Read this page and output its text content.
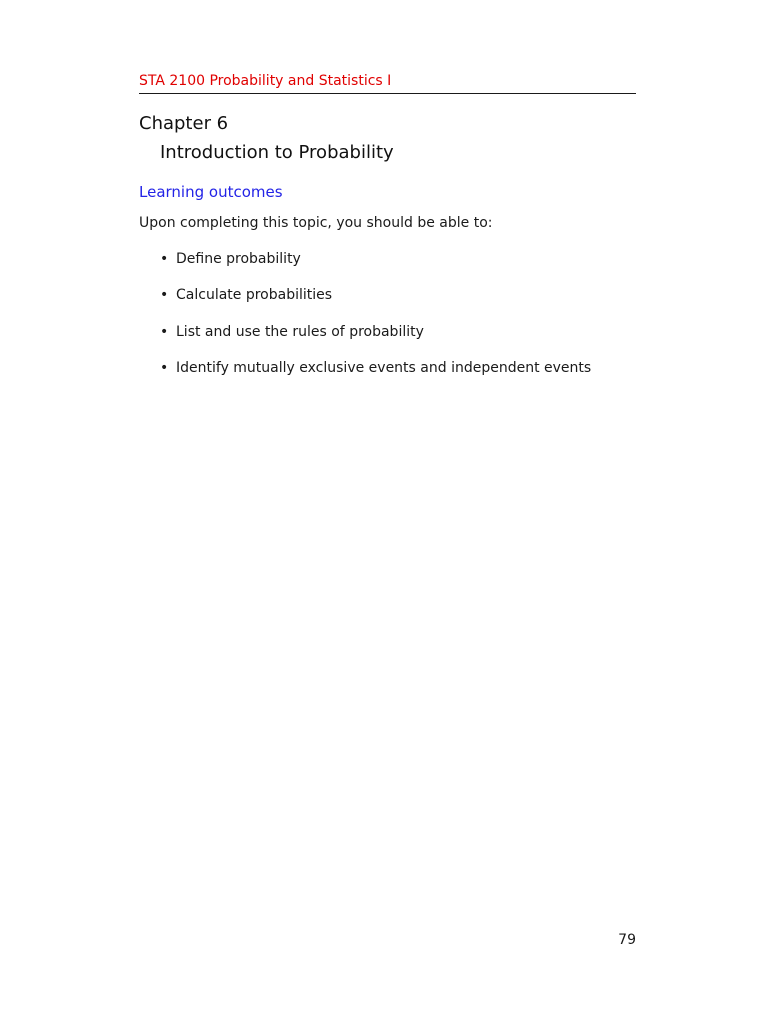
STA 2100 Probability and Statistics I
Chapter 6
Introduction to Probability
Learning outcomes
Upon completing this topic, you should be able to:
• Define probability
• Calculate probabilities
• List and use the rules of probability
• Identify mutually exclusive events and independent events
79
